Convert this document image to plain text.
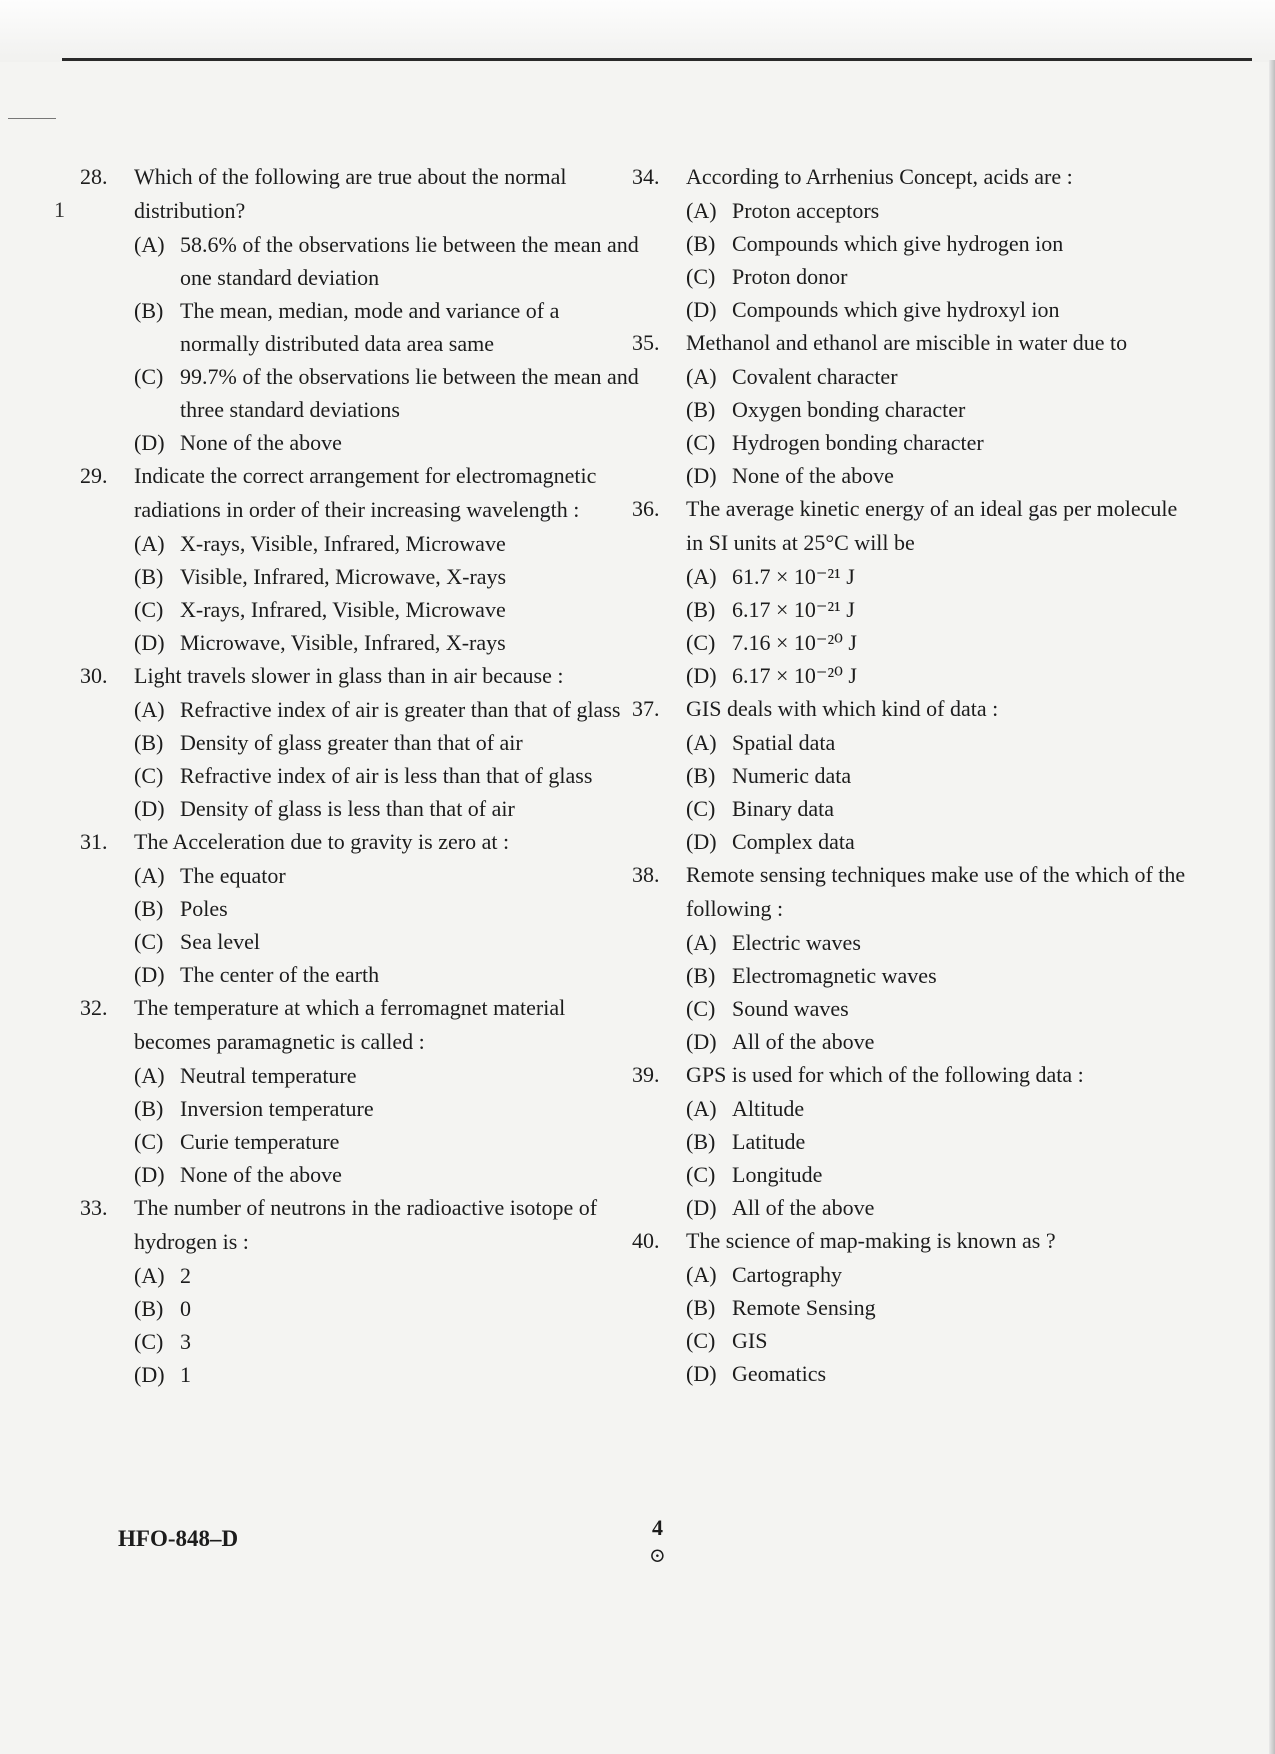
1
28.	Which of the following are true about the normal distribution?
(A) 58.6% of the observations lie between the mean and one standard deviation
(B) The mean, median, mode and variance of a normally distributed data area same
(C) 99.7% of the observations lie between the mean and three standard deviations
(D) None of the above
29.	Indicate the correct arrangement for electromagnetic radiations in order of their increasing wavelength :
(A) X-rays, Visible, Infrared, Microwave
(B) Visible, Infrared, Microwave, X-rays
(C) X-rays, Infrared, Visible, Microwave
(D) Microwave, Visible, Infrared, X-rays
30.	Light travels slower in glass than in air because :
(A) Refractive index of air is greater than that of glass
(B) Density of glass greater than that of air
(C) Refractive index of air is less than that of glass
(D) Density of glass is less than that of air
31.	The Acceleration due to gravity is zero at :
(A) The equator
(B) Poles
(C) Sea level
(D) The center of the earth
32.	The temperature at which a ferromagnet material becomes paramagnetic is called :
(A) Neutral temperature
(B) Inversion temperature
(C) Curie temperature
(D) None of the above
33.	The number of neutrons in the radioactive isotope of hydrogen is :
(A) 2
(B) 0
(C) 3
(D) 1
34.	According to Arrhenius Concept, acids are :
(A) Proton acceptors
(B) Compounds which give hydrogen ion
(C) Proton donor
(D) Compounds which give hydroxyl ion
35.	Methanol and ethanol are miscible in water due to
(A) Covalent character
(B) Oxygen bonding character
(C) Hydrogen bonding character
(D) None of the above
36.	The average kinetic energy of an ideal gas per molecule in SI units at 25°C will be
(A) 61.7 × 10⁻²¹ J
(B) 6.17 × 10⁻²¹ J
(C) 7.16 × 10⁻²⁰ J
(D) 6.17 × 10⁻²⁰ J
37.	GIS deals with which kind of data :
(A) Spatial data
(B) Numeric data
(C) Binary data
(D) Complex data
38.	Remote sensing techniques make use of the which of the following :
(A) Electric waves
(B) Electromagnetic waves
(C) Sound waves
(D) All of the above
39.	GPS is used for which of the following data :
(A) Altitude
(B) Latitude
(C) Longitude
(D) All of the above
40.	The science of map-making is known as ?
(A) Cartography
(B) Remote Sensing
(C) GIS
(D) Geomatics
HFO-848–D	4
⊙
